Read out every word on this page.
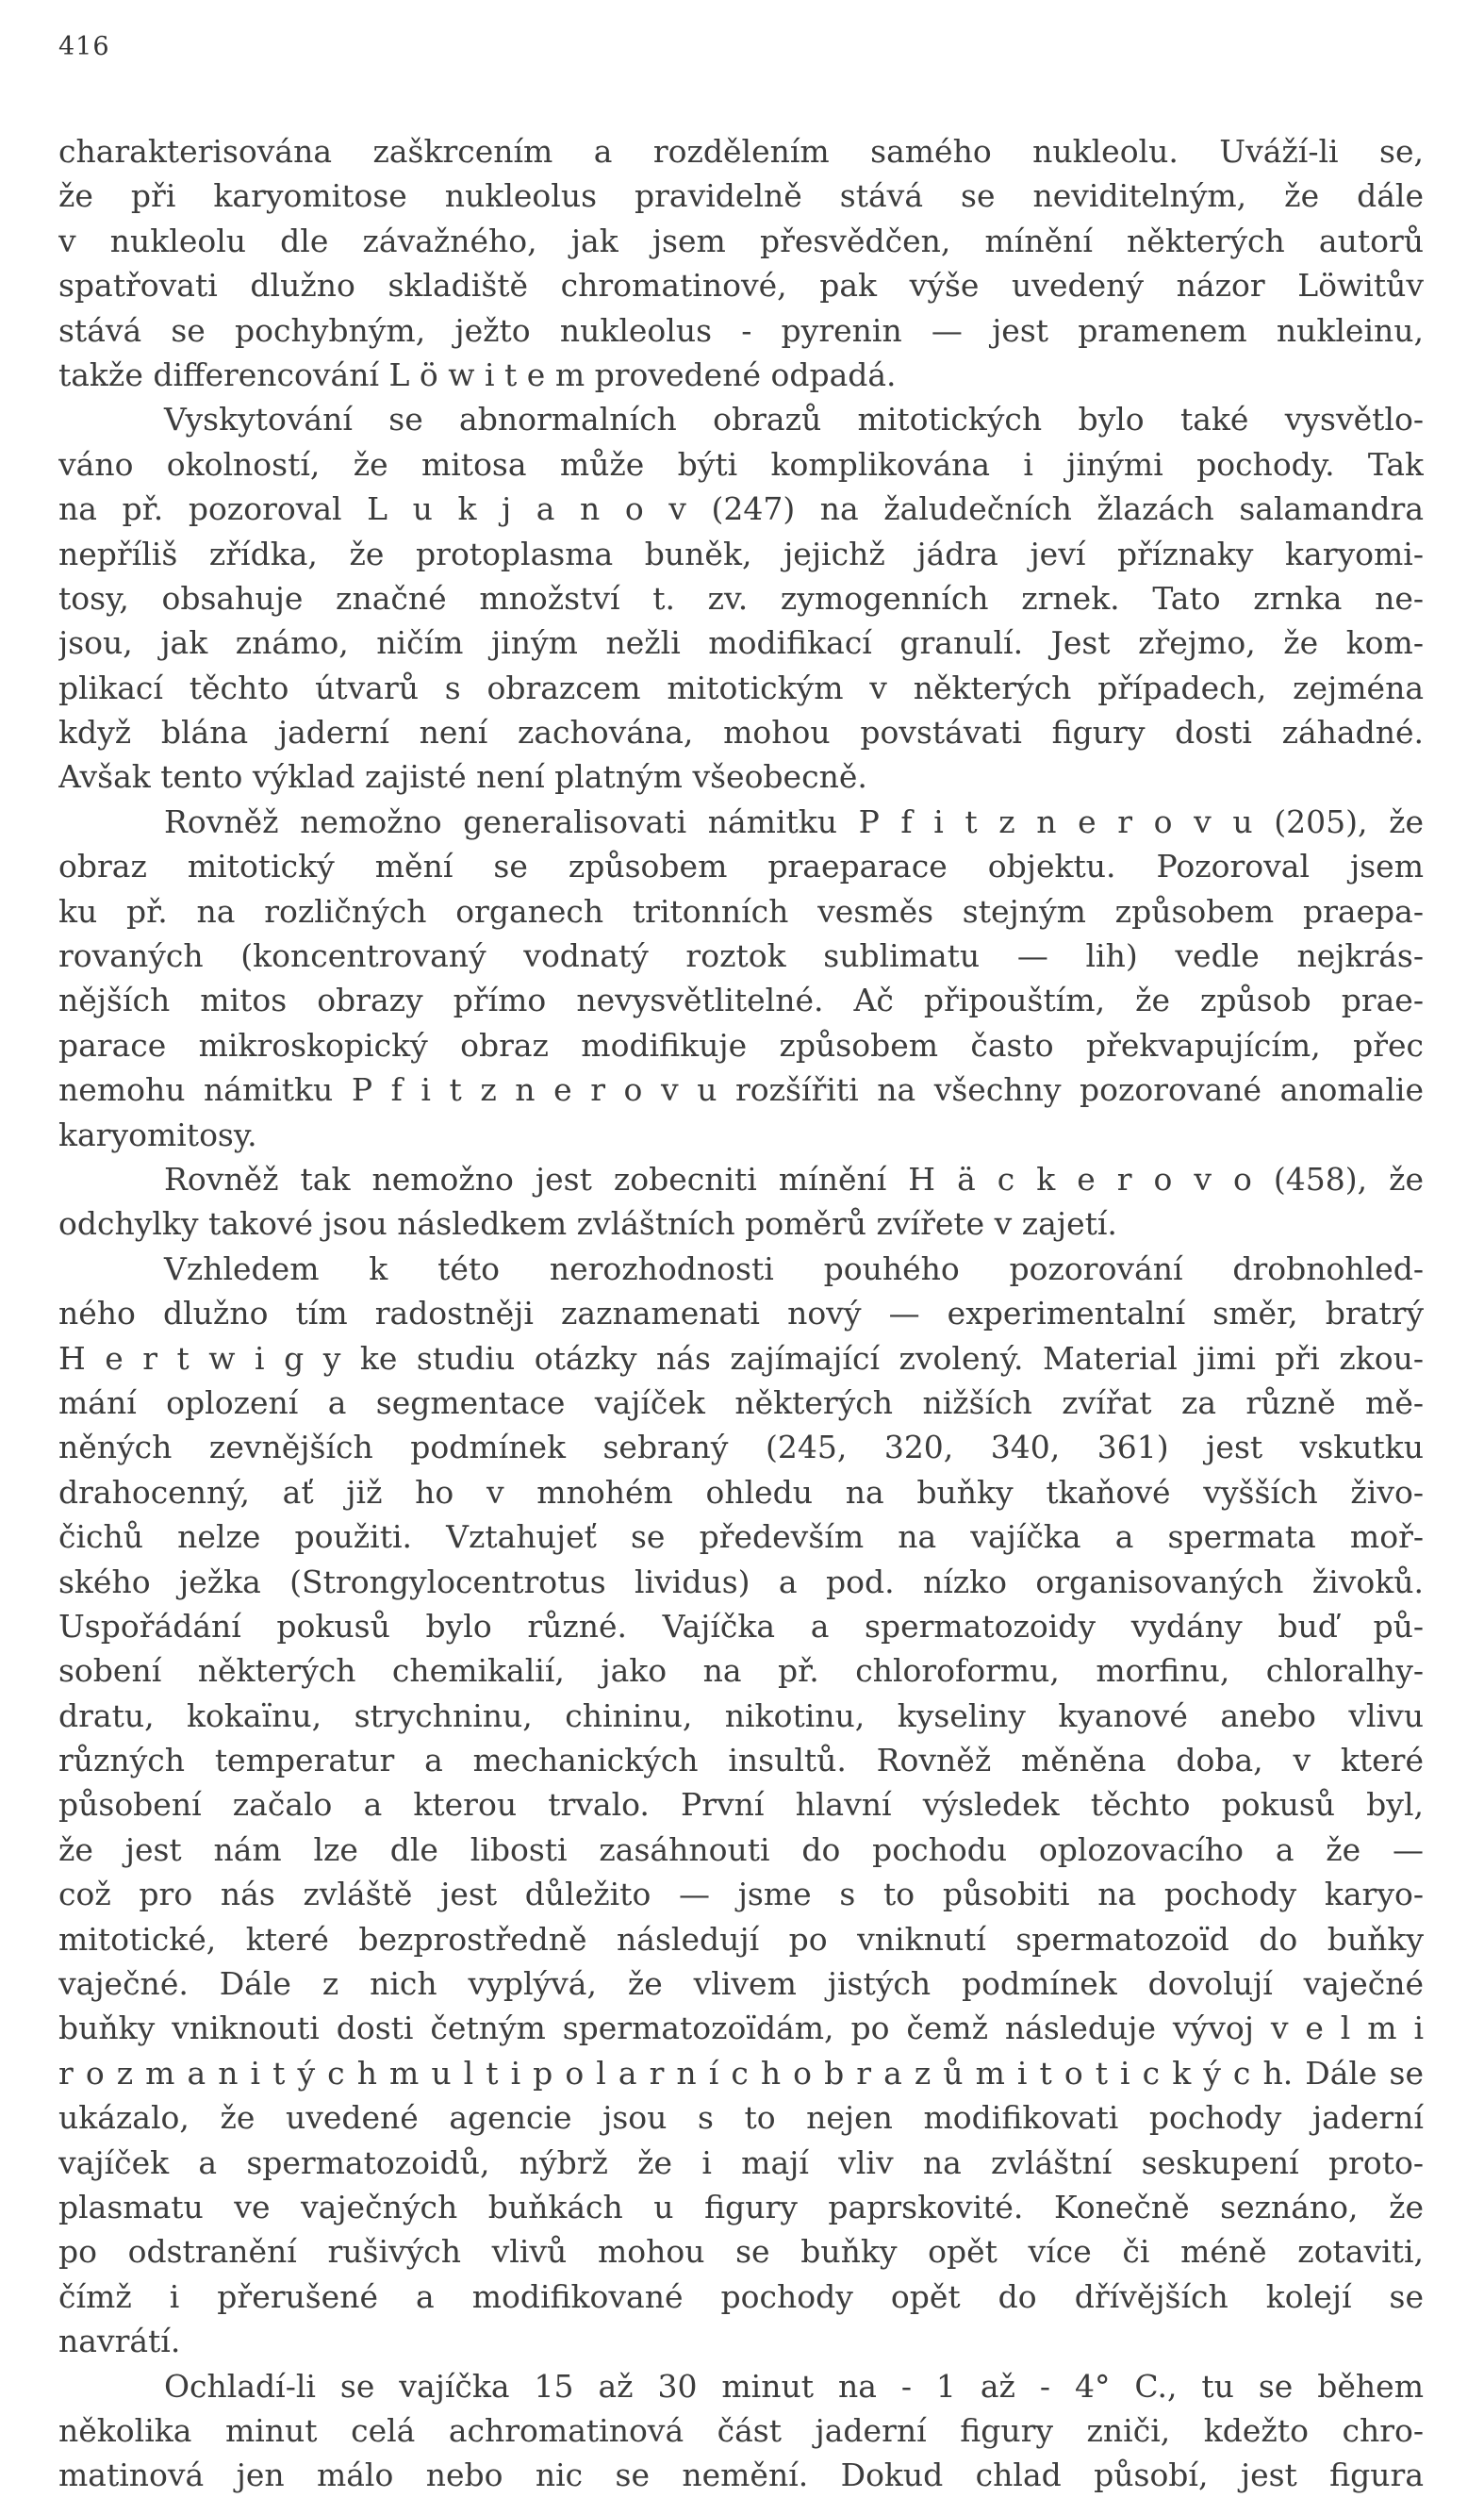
416
charakterisována zaškrcením a rozdělením samého nukleolu. Uváží-li se,
že při karyomitose nukleolus pravidelně stává se neviditelným, že dále
v nukleolu dle závažného, jak jsem přesvědčen, mínění některých autorů
spatřovati dlužno skladiště chromatinové, pak výše uvedený názor Löwitův
stává se pochybným, ježto nukleolus - pyrenin — jest pramenem nukleinu,
takže differencování L ö w i t e m provedené odpadá.
Vyskytování se abnormalních obrazů mitotických bylo také vysvětlo-
váno okolností, že mitosa může býti komplikována i jinými pochody. Tak
na př. pozoroval L u k j a n o v (247) na žaludečních žlazách salamandra
nepříliš zřídka, že protoplasma buněk, jejichž jádra jeví příznaky karyomi-
tosy, obsahuje značné množství t. zv. zymogenních zrnek. Tato zrnka ne-
jsou, jak známo, ničím jiným nežli modifikací granulí. Jest zřejmo, že kom-
plikací těchto útvarů s obrazcem mitotickým v některých případech, zejména
když blána jaderní není zachována, mohou povstávati figury dosti záhadné.
Avšak tento výklad zajisté není platným všeobecně.
Rovněž nemožno generalisovati námitku P f i t z n e r o v u (205), že
obraz mitotický mění se způsobem praeparace objektu. Pozoroval jsem
ku př. na rozličných organech tritonních vesměs stejným způsobem praepa-
rovaných (koncentrovaný vodnatý roztok sublimatu — lih) vedle nejkrás-
nějších mitos obrazy přímo nevysvětlitelné. Ač připouštím, že způsob prae-
parace mikroskopický obraz modifikuje způsobem často překvapujícím, přec
nemohu námitku P f i t z n e r o v u rozšířiti na všechny pozorované anomalie
karyomitosy.
Rovněž tak nemožno jest zobecniti mínění H ä c k e r o v o (458), že
odchylky takové jsou následkem zvláštních poměrů zvířete v zajetí.
Vzhledem k této nerozhodnosti pouhého pozorování drobnohled-
ného dlužno tím radostněji zaznamenati nový — experimentalní směr, bratrý
H e r t w i g y ke studiu otázky nás zajímající zvolený. Material jimi při zkou-
mání oplození a segmentace vajíček některých nižších zvířat za různě mě-
něných zevnějších podmínek sebraný (245, 320, 340, 361) jest vskutku
drahocenný, ať již ho v mnohém ohledu na buňky tkaňové vyšších živo-
čichů nelze použiti. Vztahujeť se především na vajíčka a spermata moř-
ského ježka (Strongylocentrotus lividus) a pod. nízko organisovaných živoků.
Uspořádání pokusů bylo různé. Vajíčka a spermatozoidy vydány buď pů-
sobení některých chemikalií, jako na př. chloroformu, morfinu, chloralhy-
dratu, kokaïnu, strychninu, chininu, nikotinu, kyseliny kyanové anebo vlivu
různých temperatur a mechanických insultů. Rovněž měněna doba, v které
působení začalo a kterou trvalo. První hlavní výsledek těchto pokusů byl,
že jest nám lze dle libosti zasáhnouti do pochodu oplozovacího a že —
což pro nás zvláště jest důležito — jsme s to působiti na pochody karyo-
mitotické, které bezprostředně následují po vniknutí spermatozoïd do buňky
vaječné. Dále z nich vyplývá, že vlivem jistých podmínek dovolují vaječné
buňky vniknouti dosti četným spermatozoïdám, po čemž následuje vývoj v e l m i
r o z m a n i t ý c h m u l t i p o l a r n í c h o b r a z ů m i t o t i c k ý c h. Dále se
ukázalo, že uvedené agencie jsou s to nejen modifikovati pochody jaderní
vajíček a spermatozoidů, nýbrž že i mají vliv na zvláštní seskupení proto-
plasmatu ve vaječných buňkách u figury paprskovité. Konečně seznáno, že
po odstranění rušivých vlivů mohou se buňky opět více či méně zotaviti,
čímž i přerušené a modifikované pochody opět do dřívějších kolejí se
navrátí.
Ochladí-li se vajíčka 15 až 30 minut na - 1 až - 4° C., tu se během
několika minut celá achromatinová část jaderní figury zniči, kdežto chro-
matinová jen málo nebo nic se nemění. Dokud chlad působí, jest figura
